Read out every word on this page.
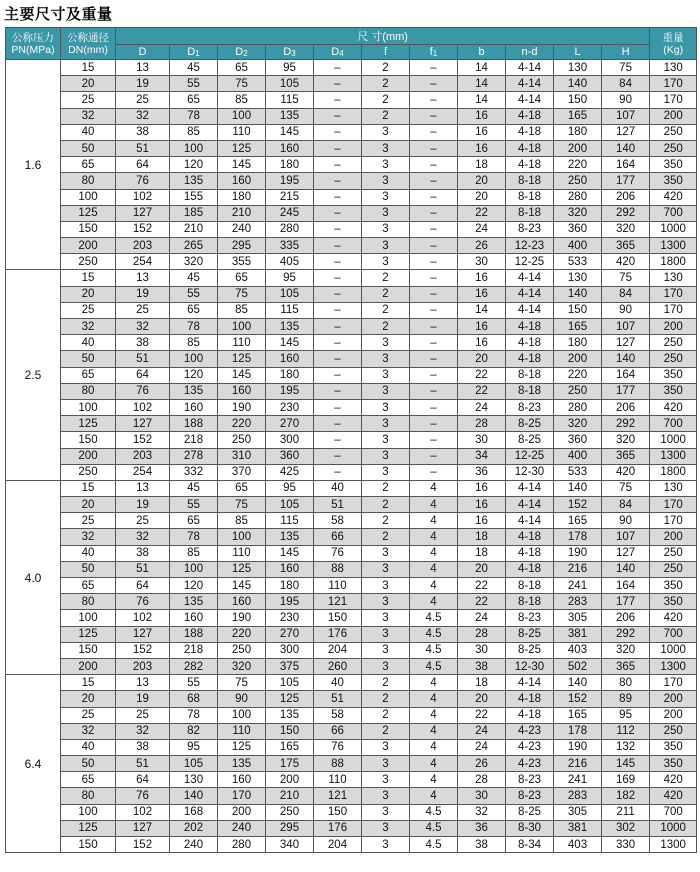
主要尺寸及重量
公称压力
PN(MPa)	公称通径
DN(mm)	尺 寸(mm)											重量
(Kg)
		D	$D_1$	$D_2$	$D_3$	$D_4$	f	$f_1$	b	n-d	L	H	
1.6	15	13	45	65	95	–	2	–	14	4-14	130	75	130
	20	19	55	75	105	–	2	–	14	4-14	140	84	170
	25	25	65	85	115	–	2	–	14	4-14	150	90	170
	32	32	78	100	135	–	2	–	16	4-18	165	107	200
	40	38	85	110	145	–	3	–	16	4-18	180	127	250
	50	51	100	125	160	–	3	–	16	4-18	200	140	250
	65	64	120	145	180	–	3	–	18	4-18	220	164	350
	80	76	135	160	195	–	3	–	20	8-18	250	177	350
	100	102	155	180	215	–	3	–	20	8-18	280	206	420
	125	127	185	210	245	–	3	–	22	8-18	320	292	700
	150	152	210	240	280	–	3	–	24	8-23	360	320	1000
	200	203	265	295	335	–	3	–	26	12-23	400	365	1300
	250	254	320	355	405	–	3	–	30	12-25	533	420	1800
2.5	15	13	45	65	95	–	2	–	16	4-14	130	75	130
	20	19	55	75	105	–	2	–	16	4-14	140	84	170
	25	25	65	85	115	–	2	–	14	4-14	150	90	170
	32	32	78	100	135	–	2	–	16	4-18	165	107	200
	40	38	85	110	145	–	3	–	16	4-18	180	127	250
	50	51	100	125	160	–	3	–	20	4-18	200	140	250
	65	64	120	145	180	–	3	–	22	8-18	220	164	350
	80	76	135	160	195	–	3	–	22	8-18	250	177	350
	100	102	160	190	230	–	3	–	24	8-23	280	206	420
	125	127	188	220	270	–	3	–	28	8-25	320	292	700
	150	152	218	250	300	–	3	–	30	8-25	360	320	1000
	200	203	278	310	360	–	3	–	34	12-25	400	365	1300
	250	254	332	370	425	–	3	–	36	12-30	533	420	1800
4.0	15	13	45	65	95	40	2	4	16	4-14	140	75	130
	20	19	55	75	105	51	2	4	16	4-14	152	84	170
	25	25	65	85	115	58	2	4	16	4-14	165	90	170
	32	32	78	100	135	66	2	4	18	4-18	178	107	200
	40	38	85	110	145	76	3	4	18	4-18	190	127	250
	50	51	100	125	160	88	3	4	20	4-18	216	140	250
	65	64	120	145	180	110	3	4	22	8-18	241	164	350
	80	76	135	160	195	121	3	4	22	8-18	283	177	350
	100	102	160	190	230	150	3	4.5	24	8-23	305	206	420
	125	127	188	220	270	176	3	4.5	28	8-25	381	292	700
	150	152	218	250	300	204	3	4.5	30	8-25	403	320	1000
	200	203	282	320	375	260	3	4.5	38	12-30	502	365	1300
6.4	15	13	55	75	105	40	2	4	18	4-14	140	80	170
	20	19	68	90	125	51	2	4	20	4-18	152	89	200
	25	25	78	100	135	58	2	4	22	4-18	165	95	200
	32	32	82	110	150	66	2	4	24	4-23	178	112	250
	40	38	95	125	165	76	3	4	24	4-23	190	132	350
	50	51	105	135	175	88	3	4	26	4-23	216	145	350
	65	64	130	160	200	110	3	4	28	8-23	241	169	420
	80	76	140	170	210	121	3	4	30	8-23	283	182	420
	100	102	168	200	250	150	3	4.5	32	8-25	305	211	700
	125	127	202	240	295	176	3	4.5	36	8-30	381	302	1000
	150	152	240	280	340	204	3	4.5	38	8-34	403	330	1300
